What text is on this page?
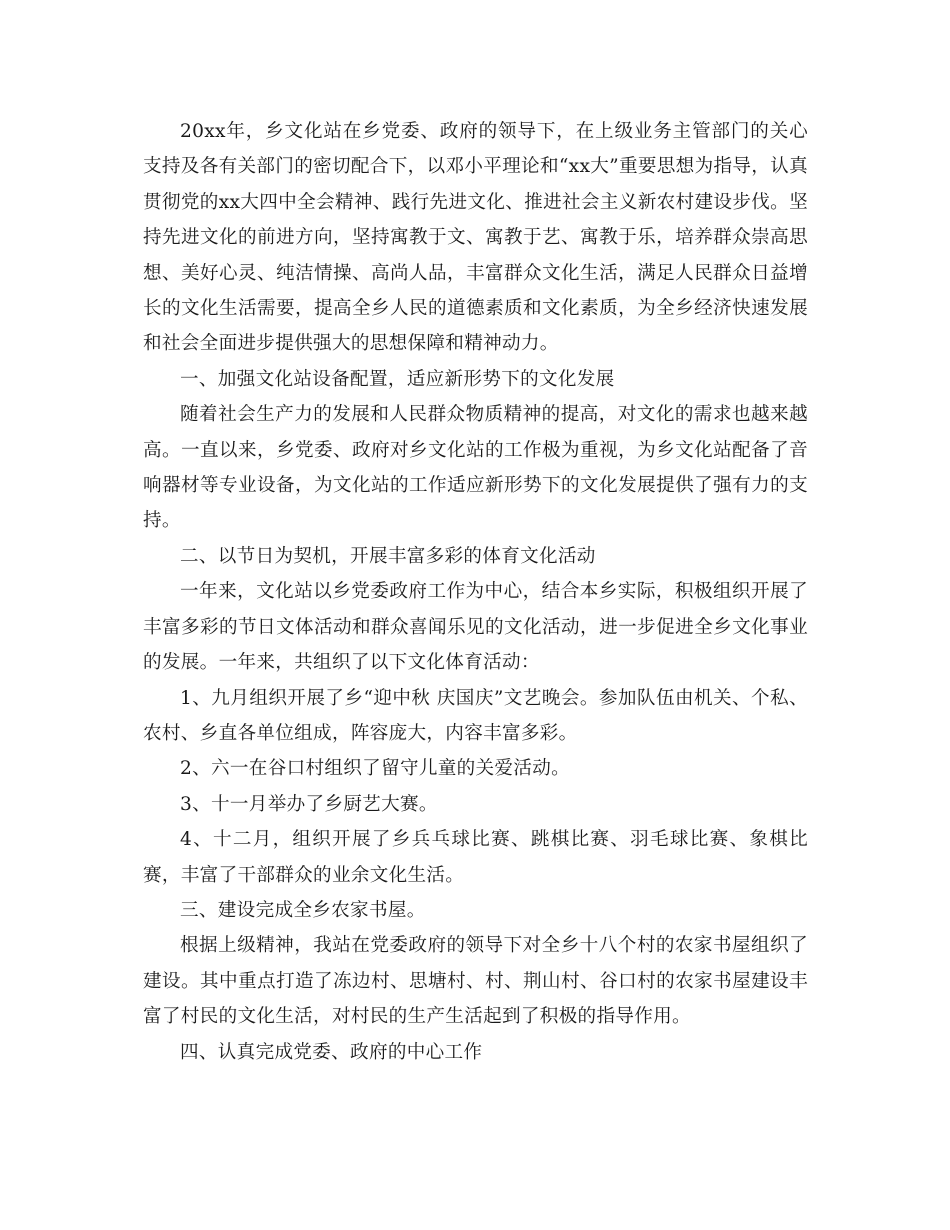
20xx年，乡文化站在乡党委、政府的领导下，在上级业务主管部门的关心支持及各有关部门的密切配合下，以邓小平理论和“xx大”重要思想为指导，认真贯彻党的xx大四中全会精神、践行先进文化、推进社会主义新农村建设步伐。坚持先进文化的前进方向，坚持寓教于文、寓教于艺、寓教于乐，培养群众崇高思想、美好心灵、纯洁情操、高尚人品，丰富群众文化生活，满足人民群众日益增长的文化生活需要，提高全乡人民的道德素质和文化素质，为全乡经济快速发展和社会全面进步提供强大的思想保障和精神动力。

一、加强文化站设备配置，适应新形势下的文化发展

随着社会生产力的发展和人民群众物质精神的提高，对文化的需求也越来越高。一直以来，乡党委、政府对乡文化站的工作极为重视，为乡文化站配备了音响器材等专业设备，为文化站的工作适应新形势下的文化发展提供了强有力的支持。

二、以节日为契机，开展丰富多彩的体育文化活动

一年来，文化站以乡党委政府工作为中心，结合本乡实际，积极组织开展了丰富多彩的节日文体活动和群众喜闻乐见的文化活动，进一步促进全乡文化事业的发展。一年来，共组织了以下文化体育活动：

1、九月组织开展了乡“迎中秋 庆国庆”文艺晚会。参加队伍由机关、个私、农村、乡直各单位组成，阵容庞大，内容丰富多彩。

2、六一在谷口村组织了留守儿童的关爱活动。

3、十一月举办了乡厨艺大赛。

4、十二月，组织开展了乡兵乓球比赛、跳棋比赛、羽毛球比赛、象棋比赛，丰富了干部群众的业余文化生活。

三、建设完成全乡农家书屋。

根据上级精神，我站在党委政府的领导下对全乡十八个村的农家书屋组织了建设。其中重点打造了冻边村、思塘村、村、荆山村、谷口村的农家书屋建设丰富了村民的文化生活，对村民的生产生活起到了积极的指导作用。

四、认真完成党委、政府的中心工作
